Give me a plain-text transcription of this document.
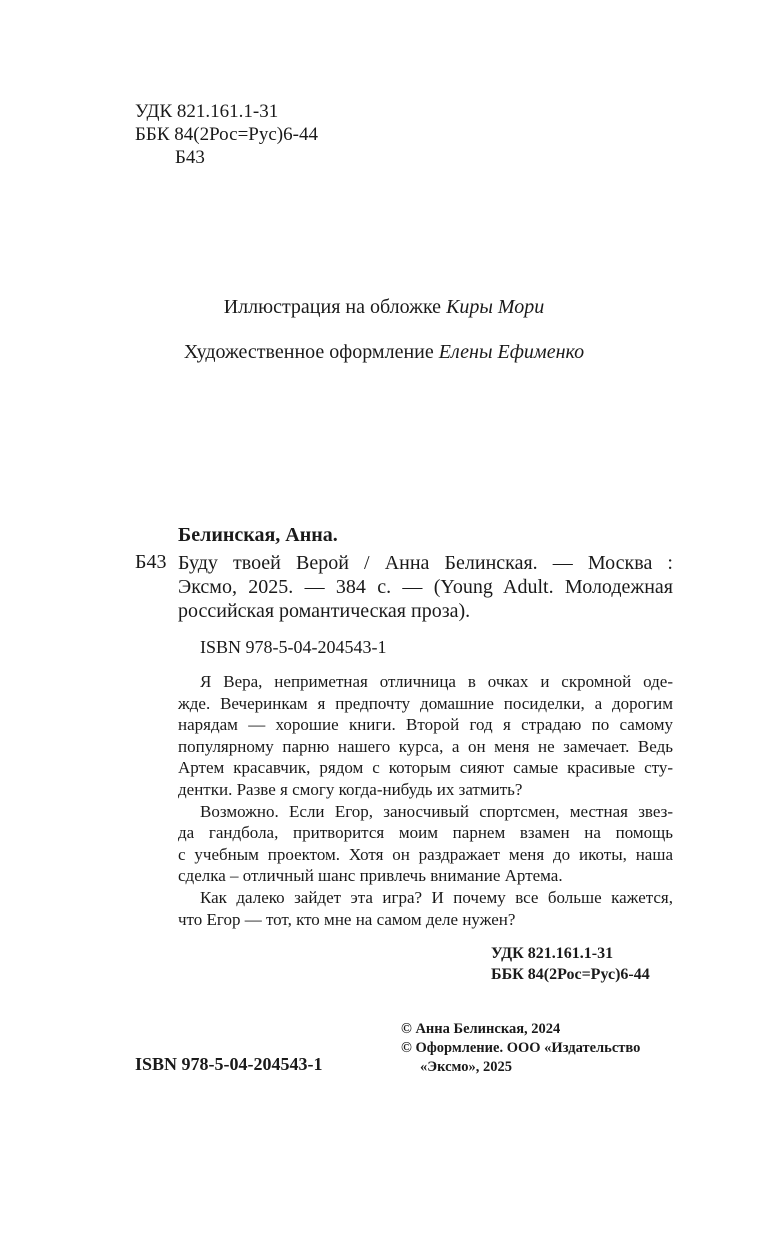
УДК 821.161.1-31
ББК 84(2Рос=Рус)6-44
Б43
Иллюстрация на обложке Киры Мори
Художественное оформление Елены Ефименко
Белинская, Анна.
Б43 Буду твоей Верой / Анна Белинская. — Москва :
Эксмо, 2025. — 384 с. — (Young Adult. Молодежная
российская романтическая проза).
ISBN 978-5-04-204543-1
Я Вера, неприметная отличница в очках и скромной оде-
жде. Вечеринкам я предпочту домашние посиделки, а дорогим
нарядам — хорошие книги. Второй год я страдаю по самому
популярному парню нашего курса, а он меня не замечает. Ведь
Артем красавчик, рядом с которым сияют самые красивые сту-
дентки. Разве я смогу когда-нибудь их затмить?
Возможно. Если Егор, заносчивый спортсмен, местная звез-
да гандбола, притворится моим парнем взамен на помощь
с учебным проектом. Хотя он раздражает меня до икоты, наша
сделка – отличный шанс привлечь внимание Артема.
Как далеко зайдет эта игра? И почему все больше кажется,
что Егор — тот, кто мне на самом деле нужен?
УДК 821.161.1-31
ББК 84(2Рос=Рус)6-44
© Анна Белинская, 2024
© Оформление. ООО «Издательство
«Эксмо», 2025
ISBN 978-5-04-204543-1
